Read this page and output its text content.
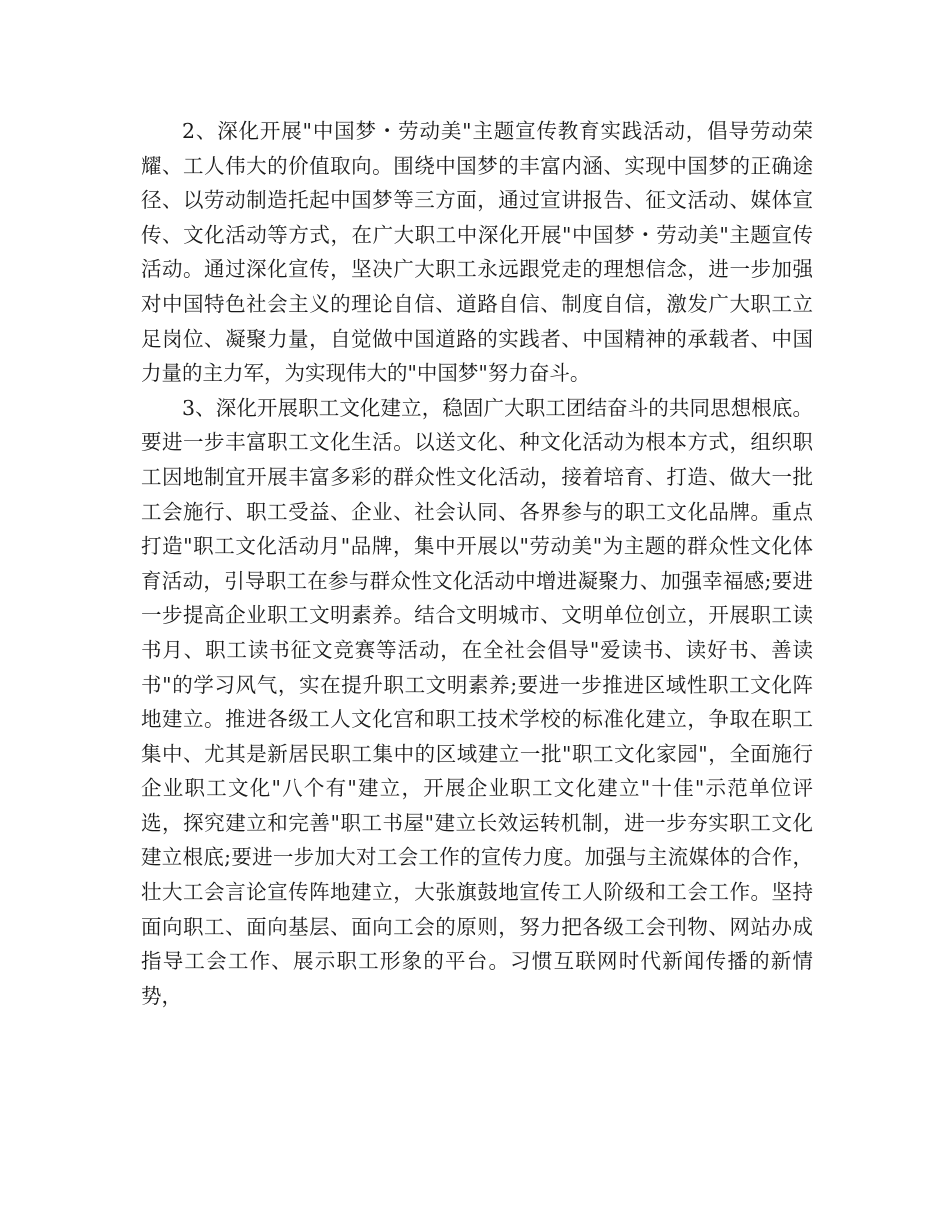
2、深化开展"中国梦・劳动美"主题宣传教育实践活动，倡导劳动荣耀、工人伟大的价值取向。围绕中国梦的丰富内涵、实现中国梦的正确途径、以劳动制造托起中国梦等三方面，通过宣讲报告、征文活动、媒体宣传、文化活动等方式，在广大职工中深化开展"中国梦・劳动美"主题宣传活动。通过深化宣传，坚决广大职工永远跟党走的理想信念，进一步加强对中国特色社会主义的理论自信、道路自信、制度自信，激发广大职工立足岗位、凝聚力量，自觉做中国道路的实践者、中国精神的承载者、中国力量的主力军，为实现伟大的"中国梦"努力奋斗。

3、深化开展职工文化建立，稳固广大职工团结奋斗的共同思想根底。要进一步丰富职工文化生活。以送文化、种文化活动为根本方式，组织职工因地制宜开展丰富多彩的群众性文化活动，接着培育、打造、做大一批工会施行、职工受益、企业、社会认同、各界参与的职工文化品牌。重点打造"职工文化活动月"品牌，集中开展以"劳动美"为主题的群众性文化体育活动，引导职工在参与群众性文化活动中增进凝聚力、加强幸福感;要进一步提高企业职工文明素养。结合文明城市、文明单位创立，开展职工读书月、职工读书征文竞赛等活动，在全社会倡导"爱读书、读好书、善读书"的学习风气，实在提升职工文明素养;要进一步推进区域性职工文化阵地建立。推进各级工人文化宫和职工技术学校的标准化建立，争取在职工集中、尤其是新居民职工集中的区域建立一批"职工文化家园"，全面施行企业职工文化"八个有"建立，开展企业职工文化建立"十佳"示范单位评选，探究建立和完善"职工书屋"建立长效运转机制，进一步夯实职工文化建立根底;要进一步加大对工会工作的宣传力度。加强与主流媒体的合作，壮大工会言论宣传阵地建立，大张旗鼓地宣传工人阶级和工会工作。坚持面向职工、面向基层、面向工会的原则，努力把各级工会刊物、网站办成指导工会工作、展示职工形象的平台。习惯互联网时代新闻传播的新情势，
